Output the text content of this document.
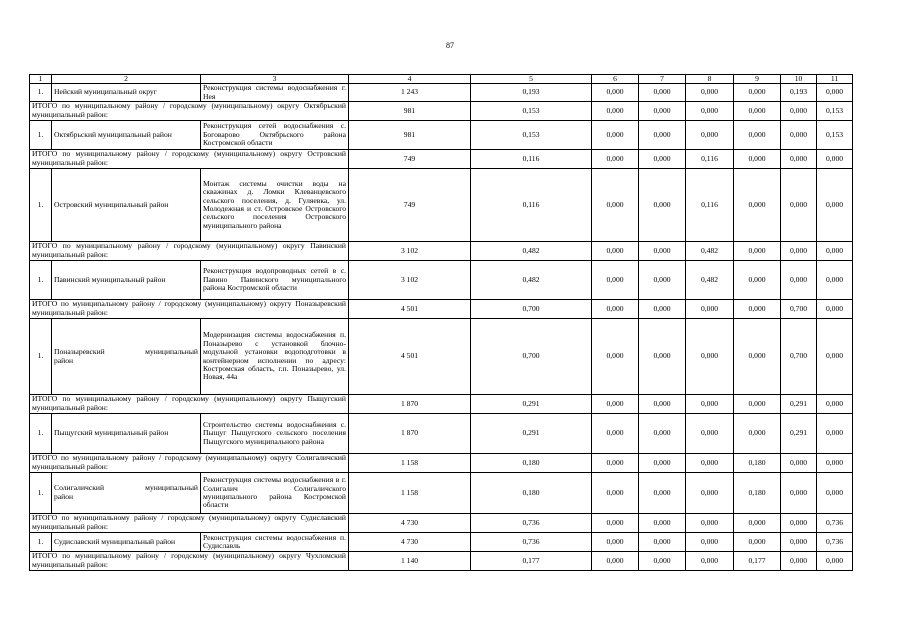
87
1	2	3	4	5	6	7	8	9	10	11
1.	Нейский муниципальный округ	Реконструкция системы водоснабжения г. Нея	1 243	0,193	0,000	0,000	0,000	0,000	0,193	0,000
ИТОГО по муниципальному району / городскому (муниципальному) округу Октябрьский муниципальный район:			981	0,153	0,000	0,000	0,000	0,000	0,000	0,153
1.	Октябрьский муниципальный район	Реконструкция сетей водоснабжения с. Боговарово Октябрьского района Костромской области	981	0,153	0,000	0,000	0,000	0,000	0,000	0,153
ИТОГО по муниципальному району / городскому (муниципальному) округу Островский муниципальный район:			749	0,116	0,000	0,000	0,116	0,000	0,000	0,000
1.	Островский муниципальный район	Монтаж системы очистки воды на скважинах д. Ломки Клеванцевского сельского поселения, д. Гуляевка, ул. Молодежная и ст. Островское Островского сельского поселения Островского муниципального района	749	0,116	0,000	0,000	0,116	0,000	0,000	0,000
ИТОГО по муниципальному району / городскому (муниципальному) округу Павинский муниципальный район:			3 102	0,482	0,000	0,000	0,482	0,000	0,000	0,000
1.	Павинский муниципальный район	Реконструкция водопроводных сетей в с. Павино Павинского муниципального района Костромской области	3 102	0,482	0,000	0,000	0,482	0,000	0,000	0,000
ИТОГО по муниципальному району / городскому (муниципальному) округу Поназыревский муниципальный район:			4 501	0,700	0,000	0,000	0,000	0,000	0,700	0,000
1.	Поназыревский муниципальный
район	Модернизация системы водоснабжения п. Поназырево с установкой блочно-модульной установки водоподготовки в контейнерном исполнении по адресу: Костромская область, г.п. Поназырево, ул. Новая, 44а	4 501	0,700	0,000	0,000	0,000	0,000	0,700	0,000
ИТОГО по муниципальному району / городскому (муниципальному) округу Пыщугский муниципальный район:			1 870	0,291	0,000	0,000	0,000	0,000	0,291	0,000
1.	Пыщугский муниципальный район	Строительство системы водоснабжения с. Пыщуг Пыщугского сельского поселения Пыщугского муниципального района	1 870	0,291	0,000	0,000	0,000	0,000	0,291	0,000
ИТОГО по муниципальному району / городскому (муниципальному) округу Солигаличский муниципальный район:			1 158	0,180	0,000	0,000	0,000	0,180	0,000	0,000
1.	Солигаличский муниципальный
район	Реконструкция системы водоснабжения в г. Солигалич Солигаличского муниципального района Костромской области	1 158	0,180	0,000	0,000	0,000	0,180	0,000	0,000
ИТОГО по муниципальному району / городскому (муниципальному) округу Судиславский муниципальный район:			4 730	0,736	0,000	0,000	0,000	0,000	0,000	0,736
1.	Судиславский муниципальный район	Реконструкция системы водоснабжения п. Судиславль	4 730	0,736	0,000	0,000	0,000	0,000	0,000	0,736
ИТОГО по муниципальному району / городскому (муниципальному) округу Чухломский муниципальный район:			1 140	0,177	0,000	0,000	0,000	0,177	0,000	0,000
